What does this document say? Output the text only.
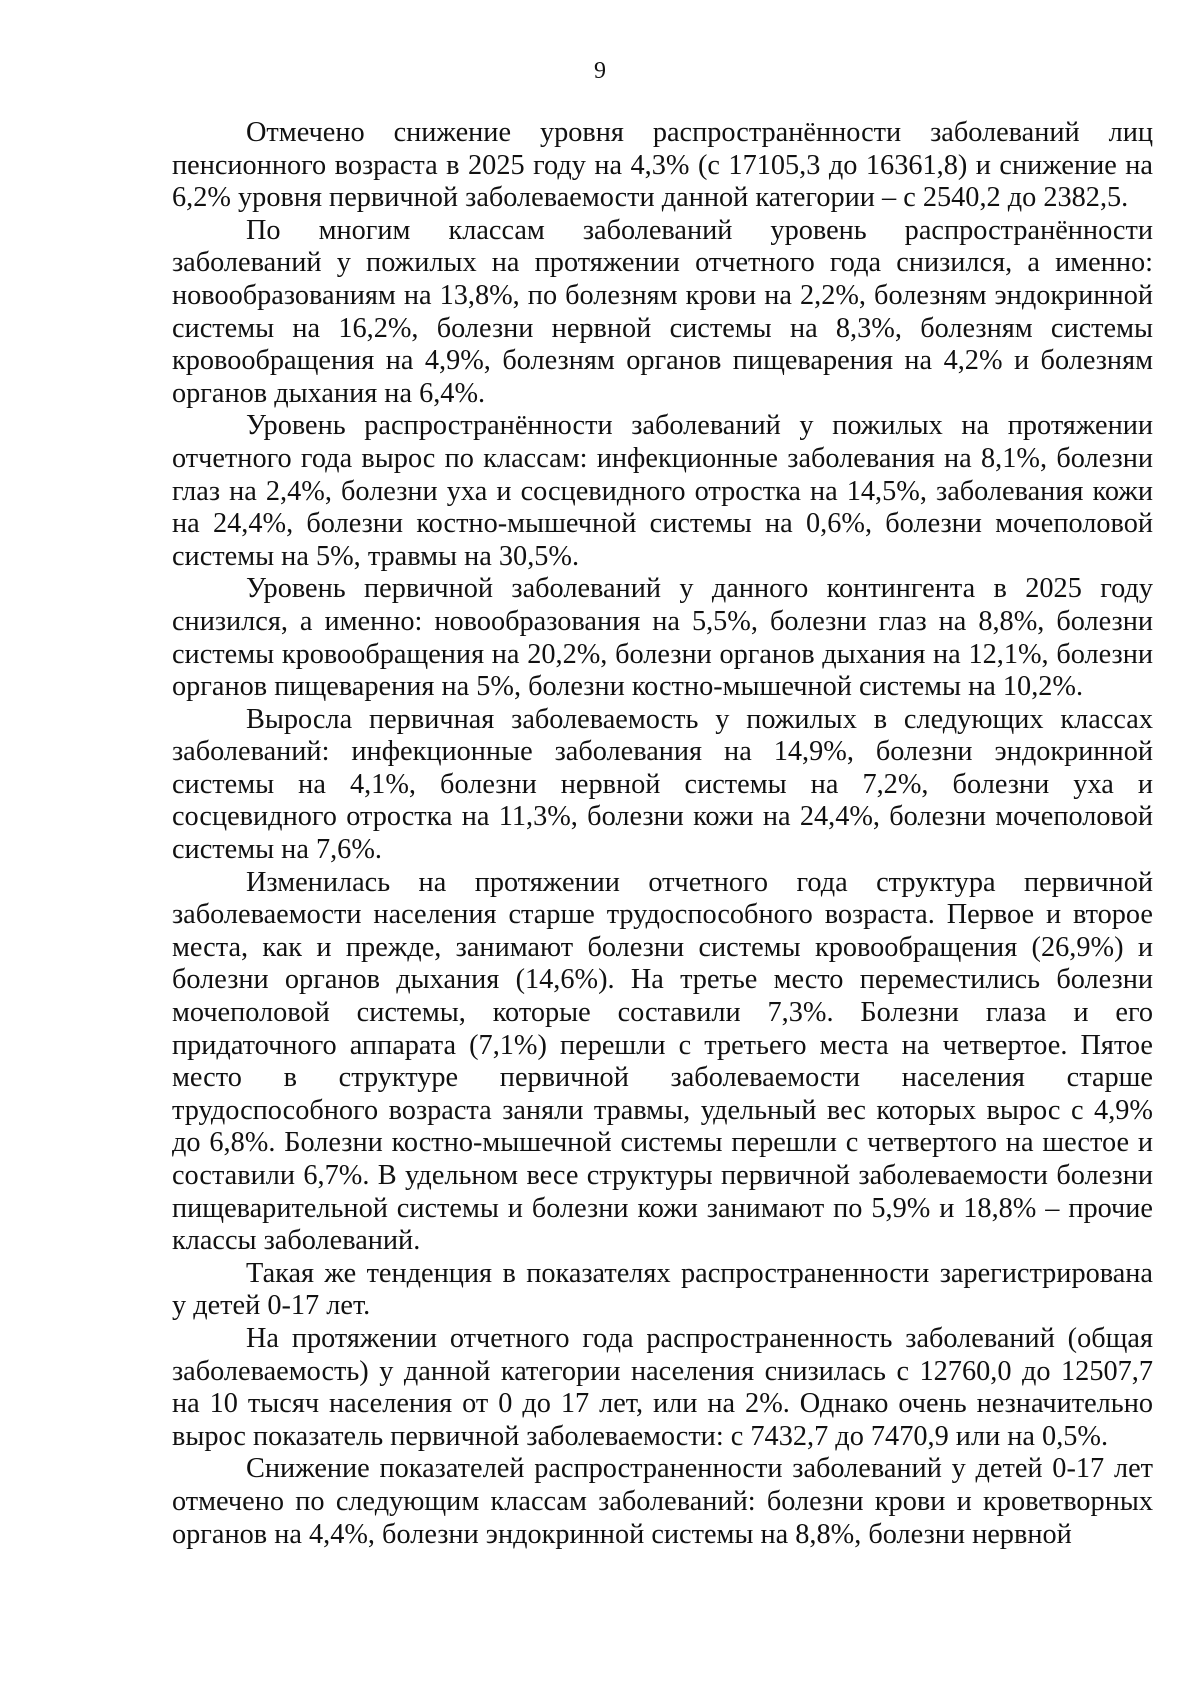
9

Отмечено снижение уровня распространённости заболеваний лиц пенсионного возраста в 2025 году на 4,3% (с 17105,3 до 16361,8) и снижение на 6,2% уровня первичной заболеваемости данной категории – с 2540,2 до 2382,5.

По многим классам заболеваний уровень распространённости заболеваний у пожилых на протяжении отчетного года снизился, а именно: новообразованиям на 13,8%, по болезням крови на 2,2%, болезням эндокринной системы на 16,2%, болезни нервной системы на 8,3%, болезням системы кровообращения на 4,9%, болезням органов пищеварения на 4,2% и болезням органов дыхания на 6,4%.

Уровень распространённости заболеваний у пожилых на протяжении отчетного года вырос по классам: инфекционные заболевания на 8,1%, болезни глаз на 2,4%, болезни уха и сосцевидного отростка на 14,5%, заболевания кожи на 24,4%, болезни костно-мышечной системы на 0,6%, болезни мочеполовой системы на 5%, травмы на 30,5%.

Уровень первичной заболеваний у данного контингента в 2025 году снизился, а именно: новообразования на 5,5%, болезни глаз на 8,8%, болезни системы кровообращения на 20,2%, болезни органов дыхания на 12,1%, болезни органов пищеварения на 5%, болезни костно-мышечной системы на 10,2%.

Выросла первичная заболеваемость у пожилых в следующих классах заболеваний: инфекционные заболевания на 14,9%, болезни эндокринной системы на 4,1%, болезни нервной системы на 7,2%, болезни уха и сосцевидного отростка на 11,3%, болезни кожи на 24,4%, болезни мочеполовой системы на 7,6%.

Изменилась на протяжении отчетного года структура первичной заболеваемости населения старше трудоспособного возраста. Первое и второе места, как и прежде, занимают болезни системы кровообращения (26,9%) и болезни органов дыхания (14,6%). На третье место переместились болезни мочеполовой системы, которые составили 7,3%. Болезни глаза и его придаточного аппарата (7,1%) перешли с третьего места на четвертое. Пятое место в структуре первичной заболеваемости населения старше трудоспособного возраста заняли травмы, удельный вес которых вырос с 4,9% до 6,8%. Болезни костно-мышечной системы перешли с четвертого на шестое и составили 6,7%. В удельном весе структуры первичной заболеваемости болезни пищеварительной системы и болезни кожи занимают по 5,9% и 18,8% – прочие классы заболеваний.

Такая же тенденция в показателях распространенности зарегистрирована у детей 0-17 лет.

На протяжении отчетного года распространенность заболеваний (общая заболеваемость) у данной категории населения снизилась с 12760,0 до 12507,7 на 10 тысяч населения от 0 до 17 лет, или на 2%. Однако очень незначительно вырос показатель первичной заболеваемости: с 7432,7 до 7470,9 или на 0,5%.

Снижение показателей распространенности заболеваний у детей 0-17 лет отмечено по следующим классам заболеваний: болезни крови и кроветворных органов на 4,4%, болезни эндокринной системы на 8,8%, болезни нервной
